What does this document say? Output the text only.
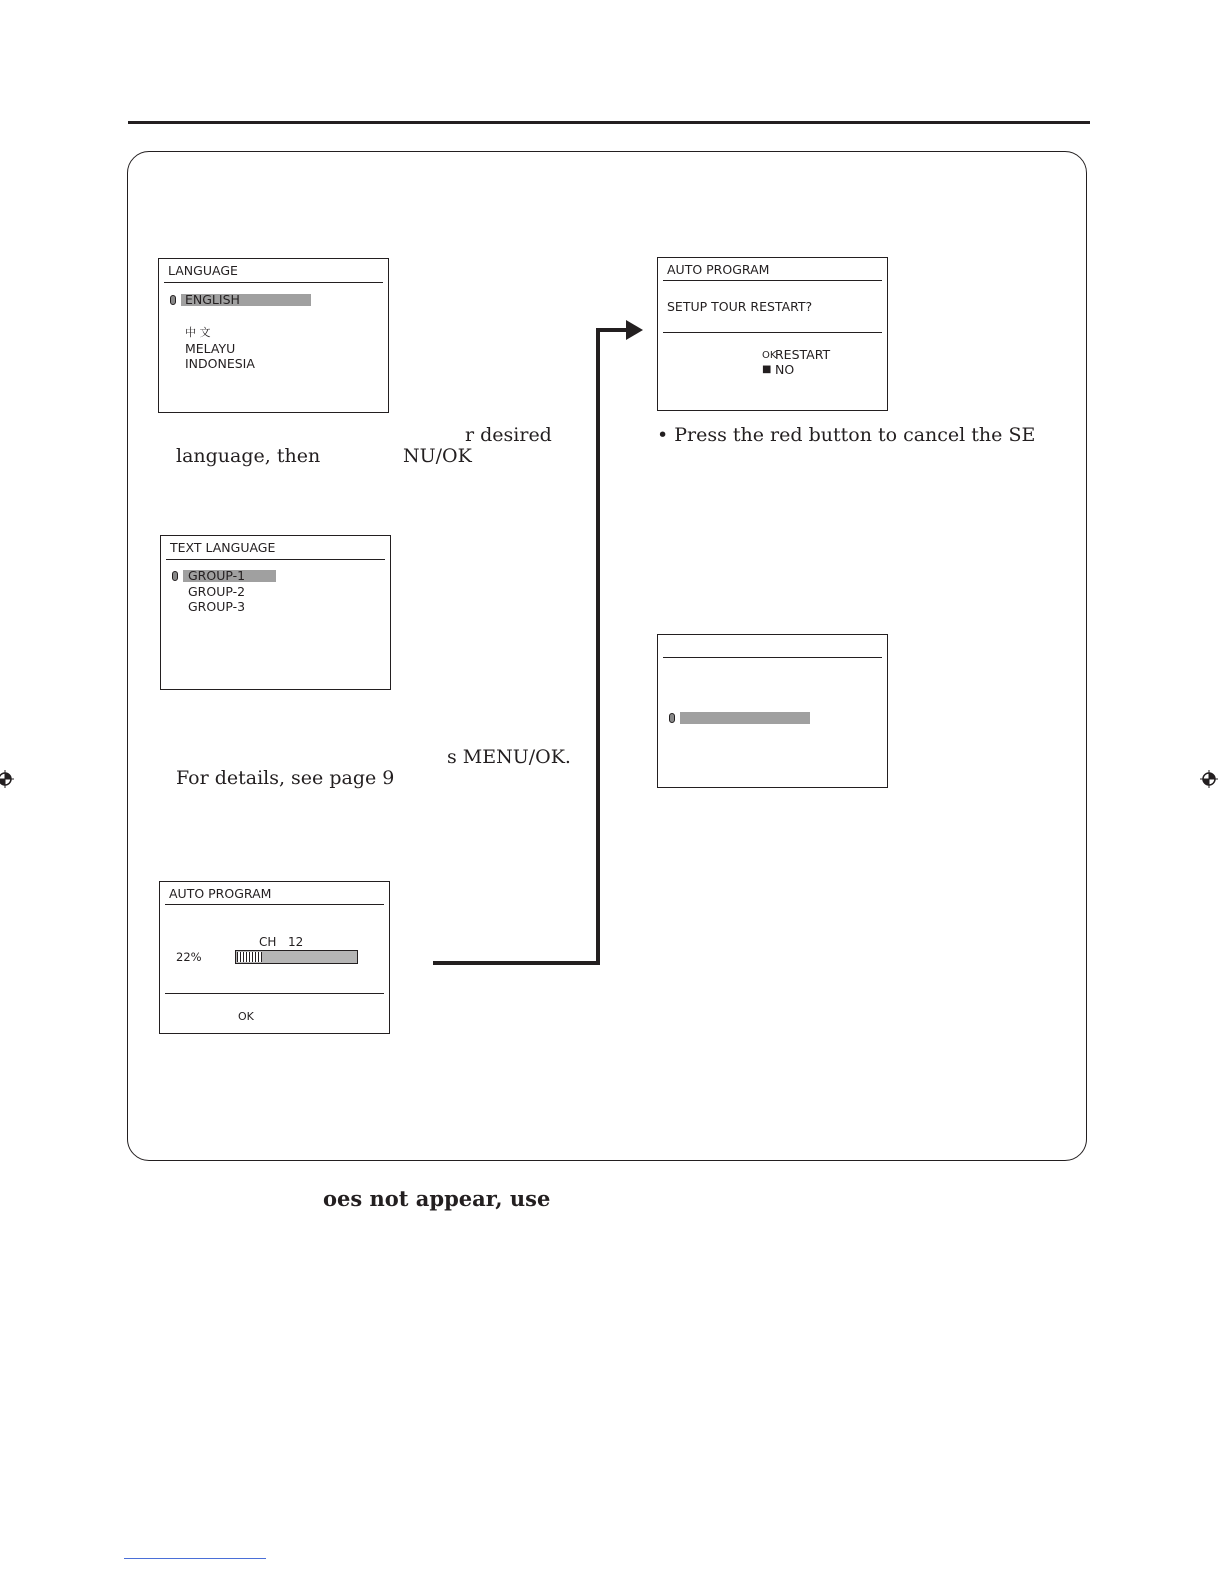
LANGUAGE
ENGLISH
中 文
MELAYU
INDONESIA
r desired
language, then	NU/OK
TEXT LANGUAGE
GROUP-1
GROUP-2
GROUP-3
s MENU/OK.
For details, see page 9
AUTO PROGRAM
CH 12
22%
OK
AUTO PROGRAM
SETUP TOUR RESTART?
OK
RESTART
■ NO
• Press the red button to cancel the SE
oes not appear, use
